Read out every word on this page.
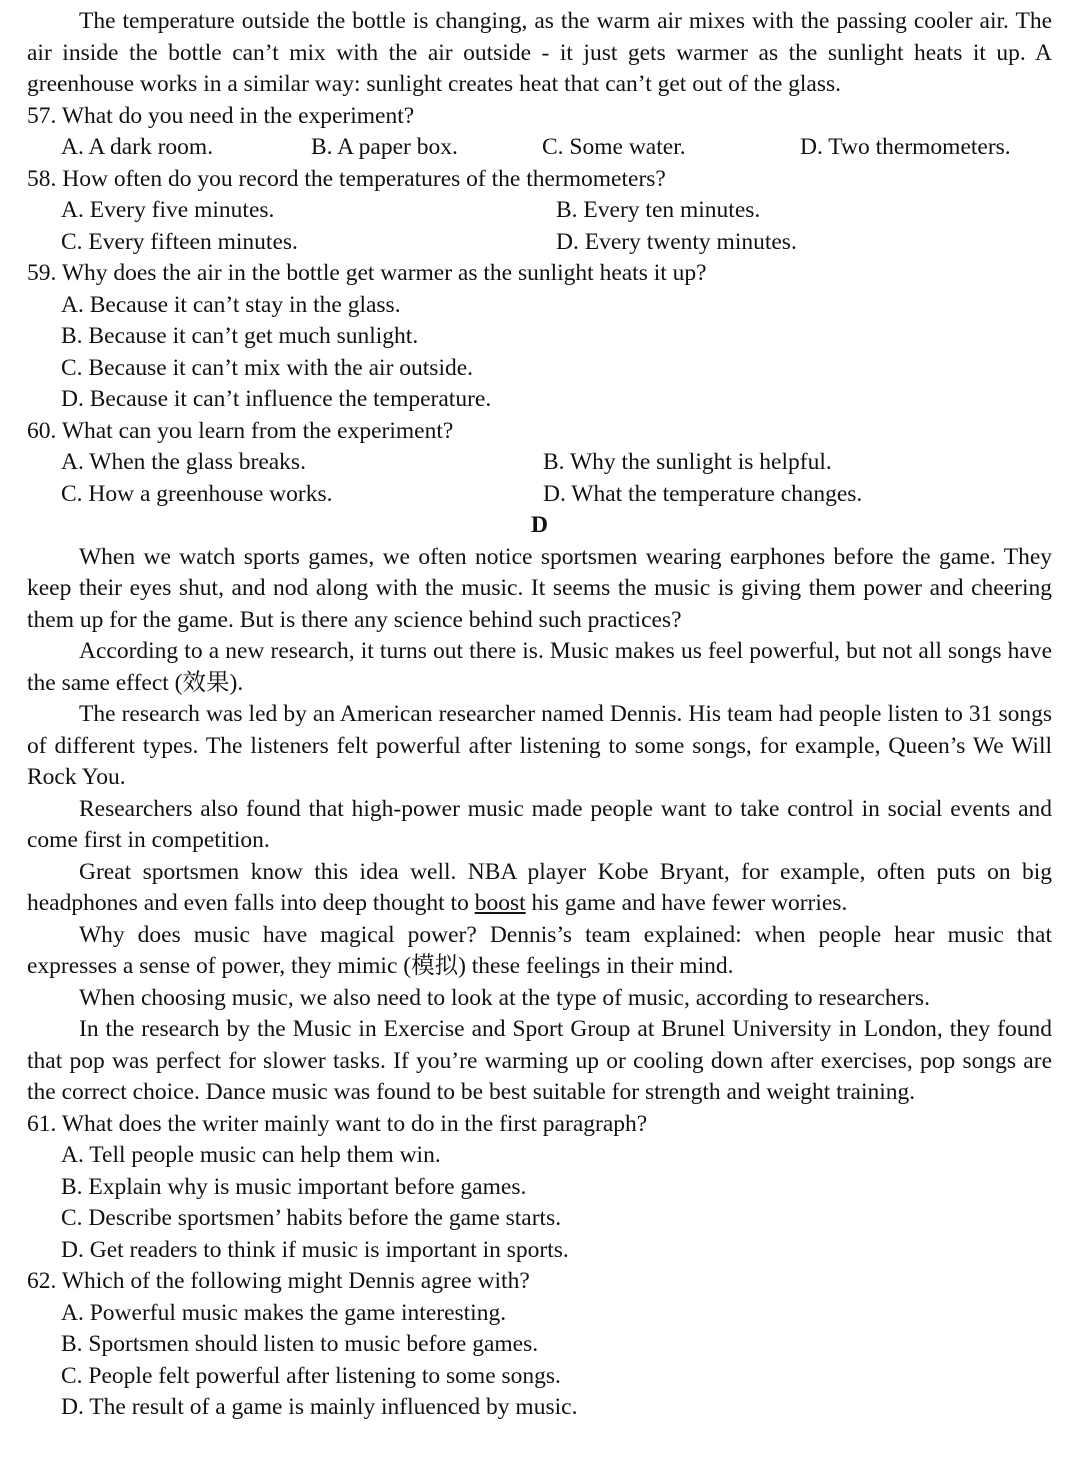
The temperature outside the bottle is changing, as the warm air mixes with the passing cooler air. The air inside the bottle can’t mix with the air outside - it just gets warmer as the sunlight heats it up. A greenhouse works in a similar way: sunlight creates heat that can’t get out of the glass.

57. What do you need in the experiment?
A. A dark room.	B. A paper box.	C. Some water.	D. Two thermometers.
58. How often do you record the temperatures of the thermometers?
A. Every five minutes.	B. Every ten minutes.
C. Every fifteen minutes.	D. Every twenty minutes.
59. Why does the air in the bottle get warmer as the sunlight heats it up?
A. Because it can’t stay in the glass.
B. Because it can’t get much sunlight.
C. Because it can’t mix with the air outside.
D. Because it can’t influence the temperature.
60. What can you learn from the experiment?
A. When the glass breaks.	B. Why the sunlight is helpful.
C. How a greenhouse works.	D. What the temperature changes.
D

When we watch sports games, we often notice sportsmen wearing earphones before the game. They keep their eyes shut, and nod along with the music. It seems the music is giving them power and cheering them up for the game. But is there any science behind such practices?

According to a new research, it turns out there is. Music makes us feel powerful, but not all songs have the same effect (效果).

The research was led by an American researcher named Dennis. His team had people listen to 31 songs of different types. The listeners felt powerful after listening to some songs, for example, Queen’s We Will Rock You.

Researchers also found that high-power music made people want to take control in social events and come first in competition.

Great sportsmen know this idea well. NBA player Kobe Bryant, for example, often puts on big headphones and even falls into deep thought to boost his game and have fewer worries.

Why does music have magical power? Dennis’s team explained: when people hear music that expresses a sense of power, they mimic (模拟) these feelings in their mind.

When choosing music, we also need to look at the type of music, according to researchers.

In the research by the Music in Exercise and Sport Group at Brunel University in London, they found that pop was perfect for slower tasks. If you’re warming up or cooling down after exercises, pop songs are the correct choice. Dance music was found to be best suitable for strength and weight training.

61. What does the writer mainly want to do in the first paragraph?
A. Tell people music can help them win.
B. Explain why is music important before games.
C. Describe sportsmen’ habits before the game starts.
D. Get readers to think if music is important in sports.
62. Which of the following might Dennis agree with?
A. Powerful music makes the game interesting.
B. Sportsmen should listen to music before games.
C. People felt powerful after listening to some songs.
D. The result of a game is mainly influenced by music.
